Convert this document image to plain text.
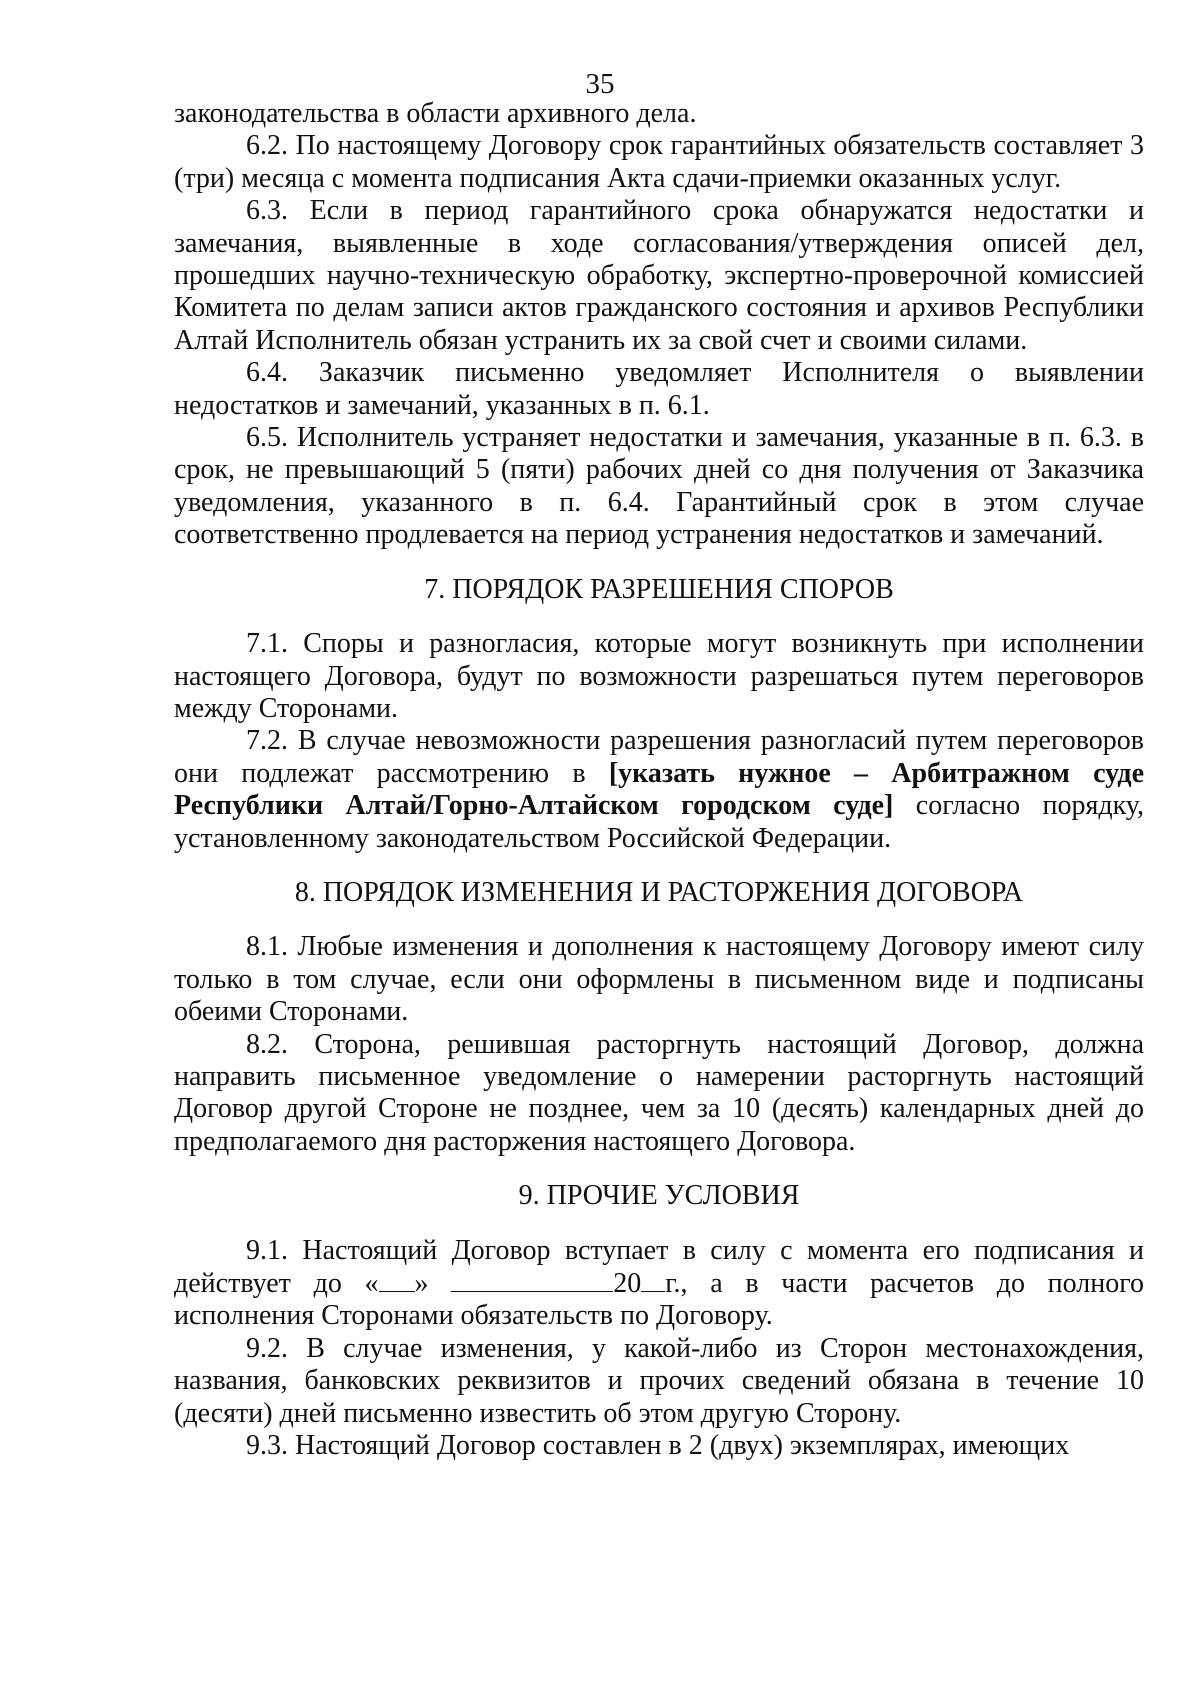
35

законодательства в области архивного дела.

6.2. По настоящему Договору срок гарантийных обязательств составляет 3 (три) месяца с момента подписания Акта сдачи-приемки оказанных услуг.

6.3. Если в период гарантийного срока обнаружатся недостатки и замечания, выявленные в ходе согласования/утверждения описей дел, прошедших научно-техническую обработку, экспертно-проверочной комиссией Комитета по делам записи актов гражданского состояния и архивов Республики Алтай Исполнитель обязан устранить их за свой счет и своими силами.

6.4. Заказчик письменно уведомляет Исполнителя о выявлении недостатков и замечаний, указанных в п. 6.1.

6.5. Исполнитель устраняет недостатки и замечания, указанные в п. 6.3. в срок, не превышающий 5 (пяти) рабочих дней со дня получения от Заказчика уведомления, указанного в п. 6.4. Гарантийный срок в этом случае соответственно продлевается на период устранения недостатков и замечаний.

7. ПОРЯДОК РАЗРЕШЕНИЯ СПОРОВ

7.1. Споры и разногласия, которые могут возникнуть при исполнении настоящего Договора, будут по возможности разрешаться путем переговоров между Сторонами.

7.2. В случае невозможности разрешения разногласий путем переговоров они подлежат рассмотрению в [указать нужное – Арбитражном суде Республики Алтай/Горно-Алтайском городском суде] согласно порядку, установленному законодательством Российской Федерации.

8. ПОРЯДОК ИЗМЕНЕНИЯ И РАСТОРЖЕНИЯ ДОГОВОРА

8.1. Любые изменения и дополнения к настоящему Договору имеют силу только в том случае, если они оформлены в письменном виде и подписаны обеими Сторонами.

8.2. Сторона, решившая расторгнуть настоящий Договор, должна направить письменное уведомление о намерении расторгнуть настоящий Договор другой Стороне не позднее, чем за 10 (десять) календарных дней до предполагаемого дня расторжения настоящего Договора.

9. ПРОЧИЕ УСЛОВИЯ

9.1. Настоящий Договор вступает в силу с момента его подписания и действует до « »	20 г., а в части расчетов до полного исполнения Сторонами обязательств по Договору.

9.2. В случае изменения, у какой-либо из Сторон местонахождения, названия, банковских реквизитов и прочих сведений обязана в течение 10 (десяти) дней письменно известить об этом другую Сторону.

9.3. Настоящий Договор составлен в 2 (двух) экземплярах, имеющих
